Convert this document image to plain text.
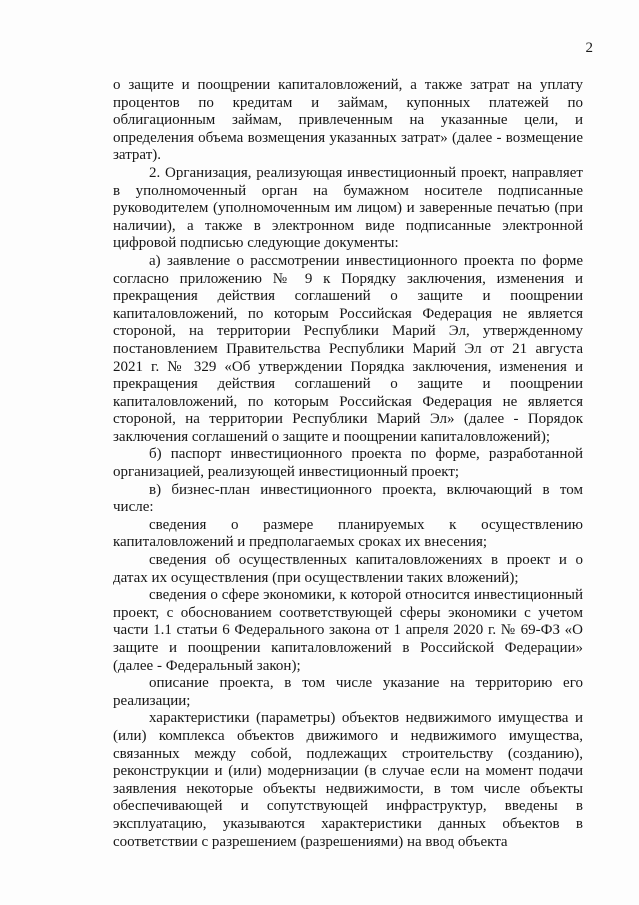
2

о защите и поощрении капиталовложений, а также затрат на уплату процентов по кредитам и займам, купонных платежей по облигационным займам, привлеченным на указанные цели, и определения объема возмещения указанных затрат» (далее - возмещение затрат).

2. Организация, реализующая инвестиционный проект, направляет в уполномоченный орган на бумажном носителе подписанные руководителем (уполномоченным им лицом) и заверенные печатью (при наличии), а также в электронном виде подписанные электронной цифровой подписью следующие документы:

а) заявление о рассмотрении инвестиционного проекта по форме согласно приложению № 9 к Порядку заключения, изменения и прекращения действия соглашений о защите и поощрении капиталовложений, по которым Российская Федерация не является стороной, на территории Республики Марий Эл, утвержденному постановлением Правительства Республики Марий Эл от 21 августа 2021 г. № 329 «Об утверждении Порядка заключения, изменения и прекращения действия соглашений о защите и поощрении капиталовложений, по которым Российская Федерация не является стороной, на территории Республики Марий Эл» (далее - Порядок заключения соглашений о защите и поощрении капиталовложений);

б) паспорт инвестиционного проекта по форме, разработанной организацией, реализующей инвестиционный проект;

в) бизнес-план инвестиционного проекта, включающий в том числе:

сведения о размере планируемых к осуществлению капиталовложений и предполагаемых сроках их внесения;

сведения об осуществленных капиталовложениях в проект и о датах их осуществления (при осуществлении таких вложений);

сведения о сфере экономики, к которой относится инвестиционный проект, с обоснованием соответствующей сферы экономики с учетом части 1.1 статьи 6 Федерального закона от 1 апреля 2020 г. № 69-ФЗ «О защите и поощрении капиталовложений в Российской Федерации» (далее - Федеральный закон);

описание проекта, в том числе указание на территорию его реализации;

характеристики (параметры) объектов недвижимого имущества и (или) комплекса объектов движимого и недвижимого имущества, связанных между собой, подлежащих строительству (созданию), реконструкции и (или) модернизации (в случае если на момент подачи заявления некоторые объекты недвижимости, в том числе объекты обеспечивающей и сопутствующей инфраструктур, введены в эксплуатацию, указываются характеристики данных объектов в соответствии с разрешением (разрешениями) на ввод объекта
